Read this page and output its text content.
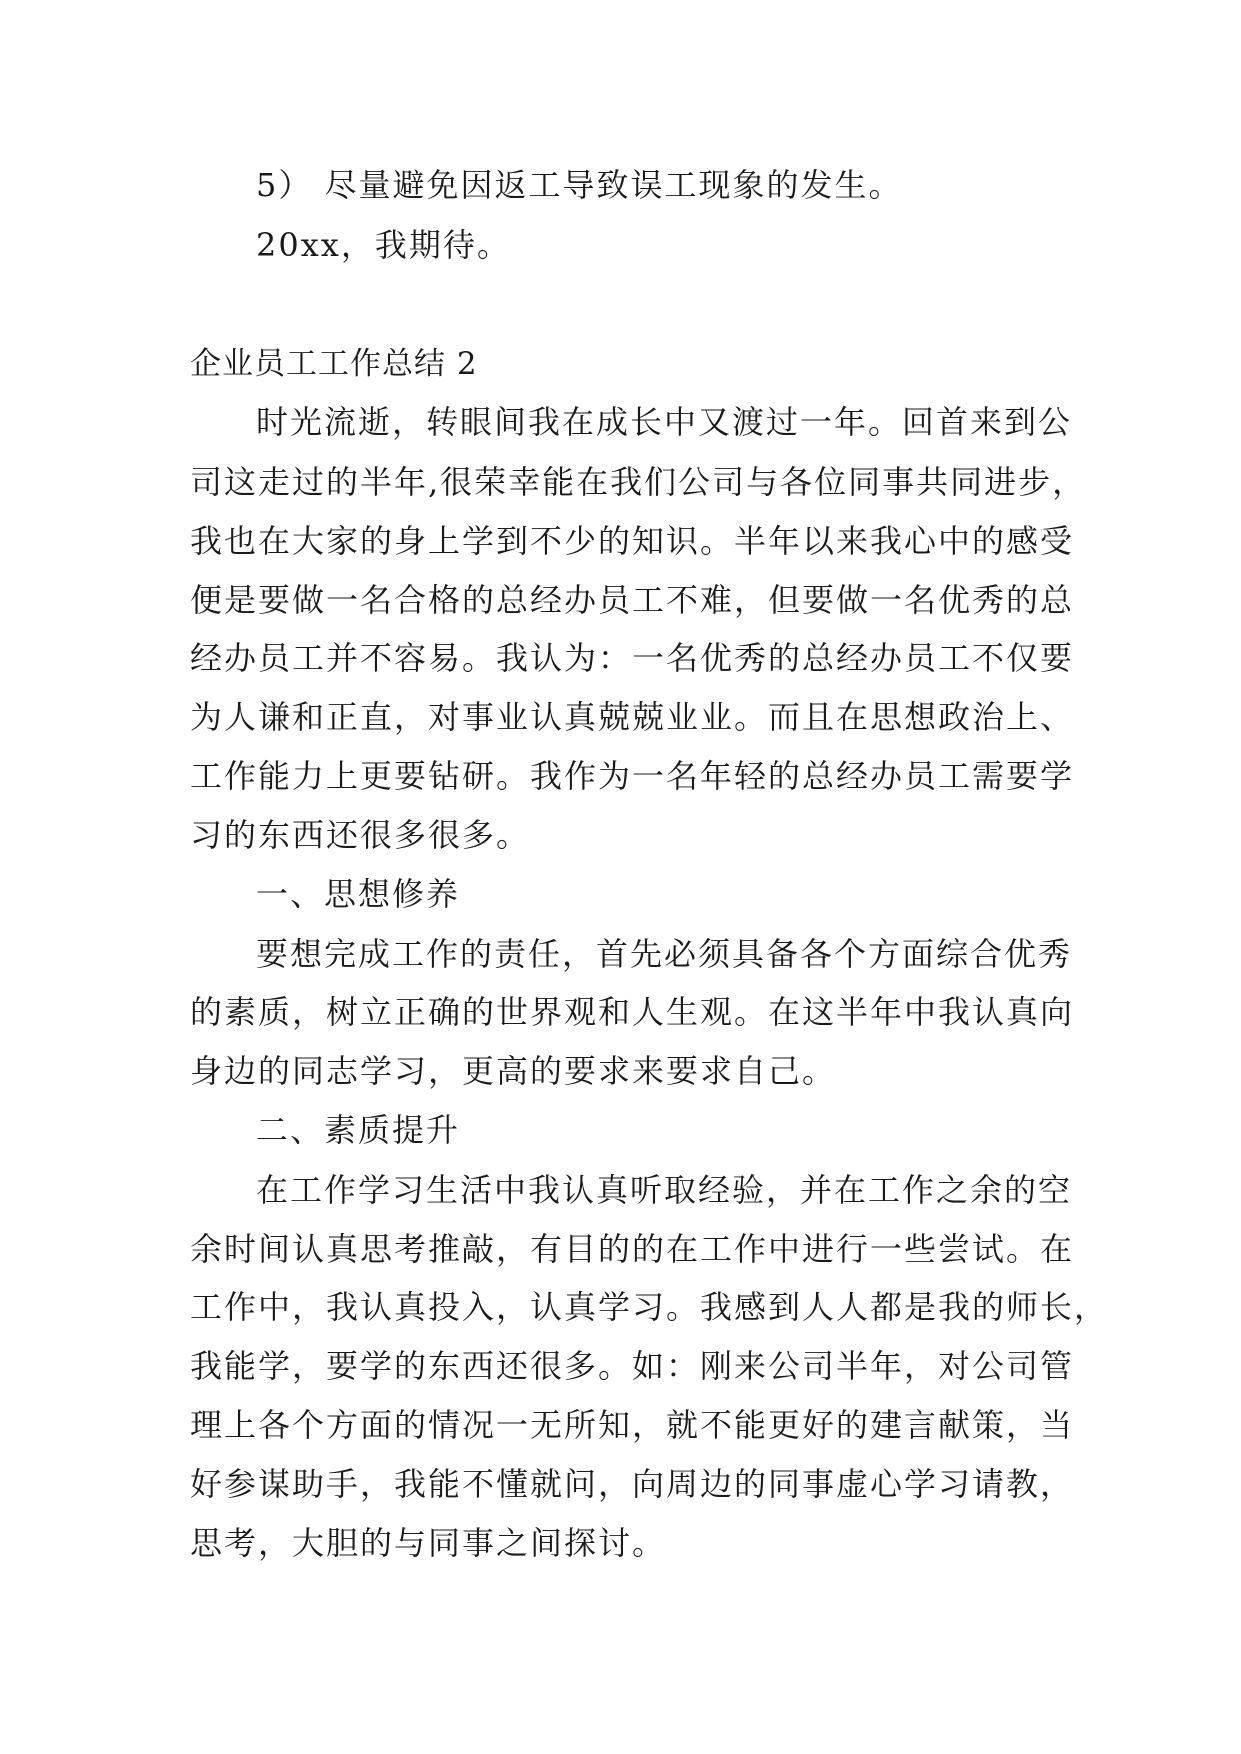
5） 尽量避免因返工导致误工现象的发生。
20xx，我期待。
企业员工工作总结 2
时光流逝，转眼间我在成长中又渡过一年。回首来到公
司这走过的半年,很荣幸能在我们公司与各位同事共同进步，
我也在大家的身上学到不少的知识。半年以来我心中的感受
便是要做一名合格的总经办员工不难，但要做一名优秀的总
经办员工并不容易。我认为：一名优秀的总经办员工不仅要
为人谦和正直，对事业认真兢兢业业。而且在思想政治上、
工作能力上更要钻研。我作为一名年轻的总经办员工需要学
习的东西还很多很多。
一、思想修养
要想完成工作的责任，首先必须具备各个方面综合优秀
的素质，树立正确的世界观和人生观。在这半年中我认真向
身边的同志学习，更高的要求来要求自己。
二、素质提升
在工作学习生活中我认真听取经验，并在工作之余的空
余时间认真思考推敲，有目的的在工作中进行一些尝试。在
工作中，我认真投入，认真学习。我感到人人都是我的师长，
我能学，要学的东西还很多。如：刚来公司半年，对公司管
理上各个方面的情况一无所知，就不能更好的建言献策，当
好参谋助手，我能不懂就问，向周边的同事虚心学习请教，
思考，大胆的与同事之间探讨。
